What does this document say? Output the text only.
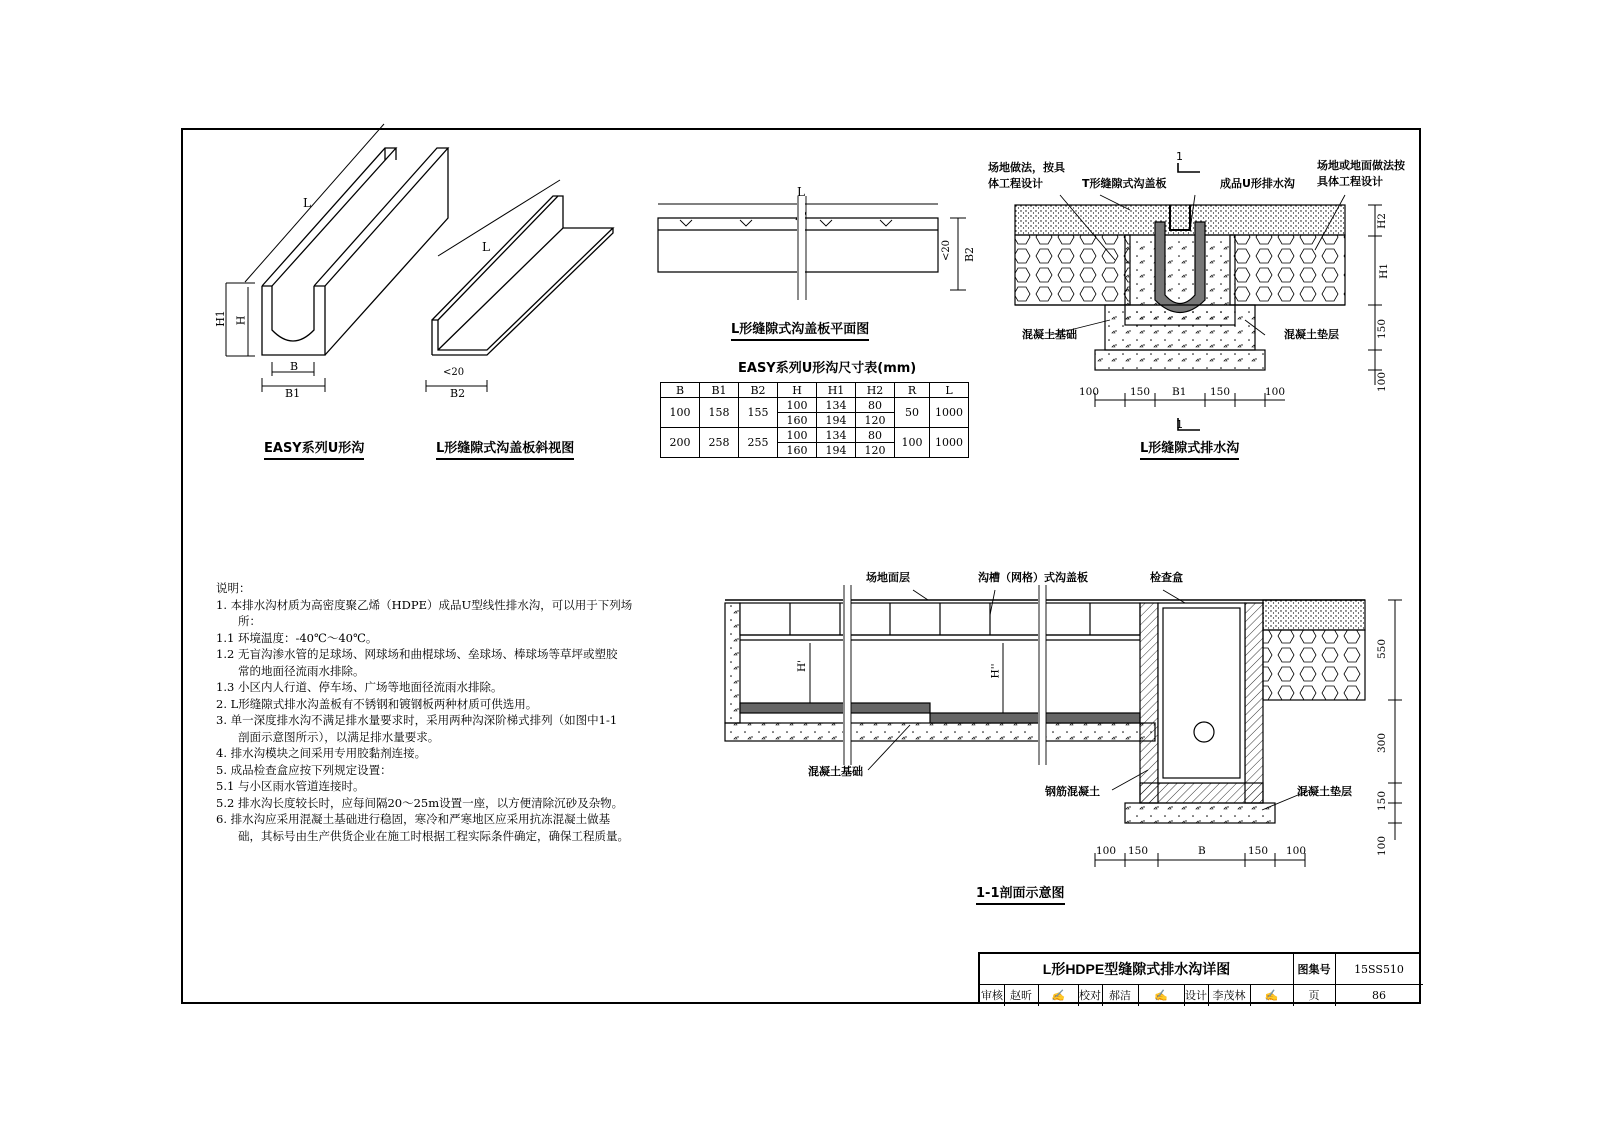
L
H1 H
B
B1
EASY系列U形沟
L
<20
B2
L形缝隙式沟盖板斜视图
L
<20 B2
L形缝隙式沟盖板平面图
EASY系列U形沟尺寸表(mm)
B	B1	B2	H	H1	H2	R	L
100	158	155	100	134	80	50	1000
			160	194	120		
200	258	255	100	134	80	100	1000
			160	194	120		
场地做法，按具体工程设计	T形缝隙式沟盖板	成品U形排水沟
场地或地面做法按具体工程设计
混凝土基础	混凝土垫层
1
1
100	150 B1 150	100
H2
H1
150
100
L形缝隙式排水沟
说明：
1. 本排水沟材质为高密度聚乙烯（HDPE）成品U型线性排水沟，可以用于下列场
所：
1.1 环境温度：-40℃～40℃。
1.2 无盲沟渗水管的足球场、网球场和曲棍球场、垒球场、棒球场等草坪或塑胶
常的地面径流雨水排除。
1.3 小区内人行道、停车场、广场等地面径流雨水排除。
2. L形缝隙式排水沟盖板有不锈钢和镀钢板两种材质可供选用。
3. 单一深度排水沟不满足排水量要求时，采用两种沟深阶梯式排列（如图中1-1
剖面示意图所示），以满足排水量要求。
4. 排水沟模块之间采用专用胶黏剂连接。
5. 成品检查盒应按下列规定设置：
5.1 与小区雨水管道连接时。
5.2 排水沟长度较长时，应每间隔20～25m设置一座，以方便清除沉砂及杂物。
6. 排水沟应采用混凝土基础进行稳固，寒冷和严寒地区应采用抗冻混凝土做基
础，其标号由生产供货企业在施工时根据工程实际条件确定，确保工程质量。
场地面层	沟槽（网格）式沟盖板	检查盒
混凝土基础
钢筋混凝土	混凝土垫层
H'	H''
100 150	B	150 100
550
300
150
100
1-1剖面示意图
L形HDPE型缝隙式排水沟详图	图集号	15SS510
审核 赵昕	✍	校对 郝洁	✍	设计 李茂林	✍	页	86
